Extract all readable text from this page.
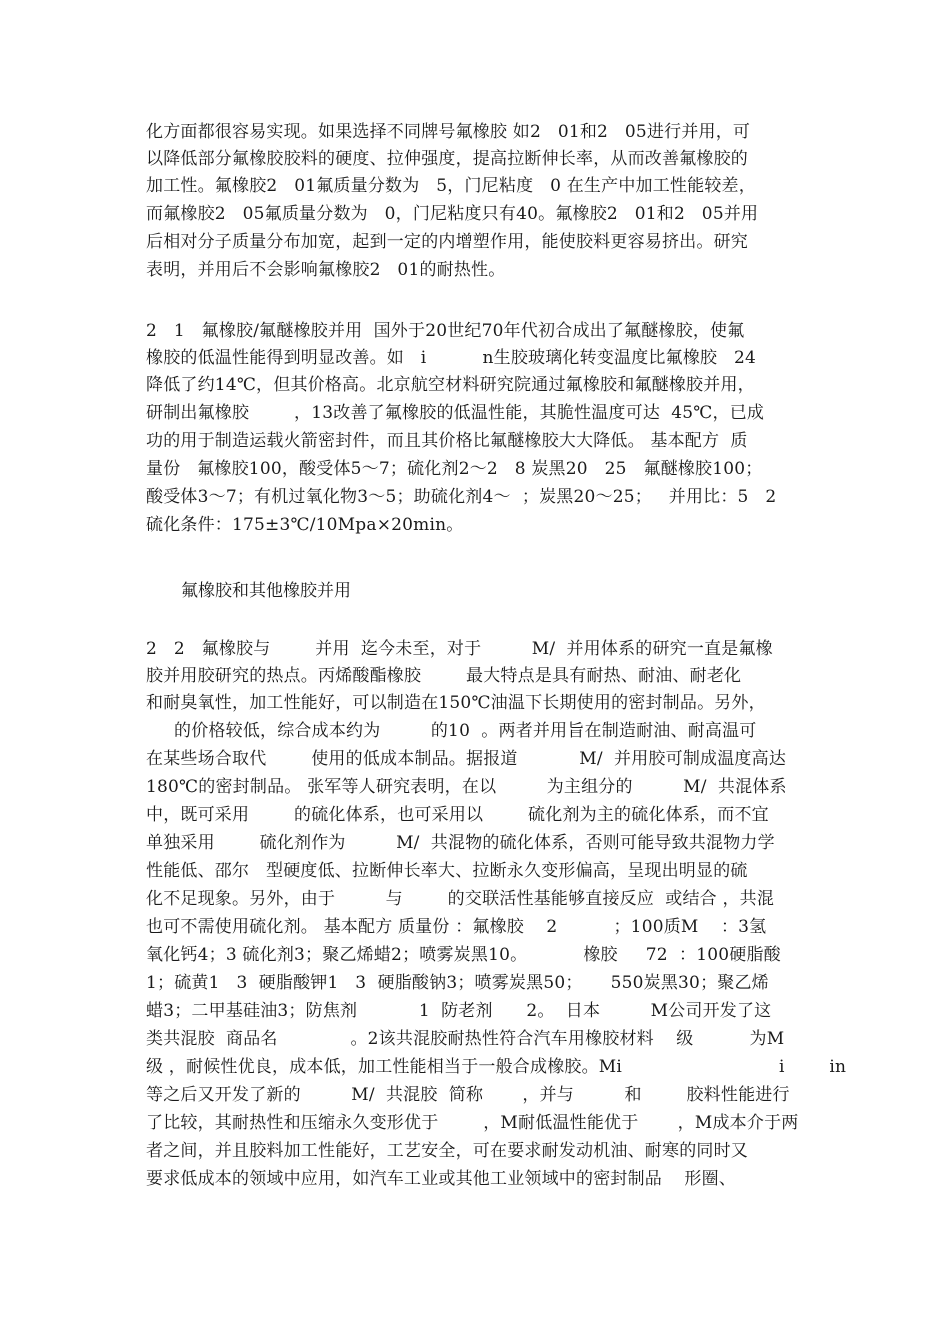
化方面都很容易实现。如果选择不同牌号氟橡胶 如2   01和2   05进行并用，可
以降低部分氟橡胶胶料的硬度、拉伸强度，提高拉断伸长率，从而改善氟橡胶的
加工性。氟橡胶2   01氟质量分数为   5，门尼粘度   0 在生产中加工性能较差，
而氟橡胶2   05氟质量分数为   0，门尼粘度只有40。氟橡胶2   01和2   05并用
后相对分子质量分布加宽，起到一定的内增塑作用，能使胶料更容易挤出。研究
表明，并用后不会影响氟橡胶2   01的耐热性。
2   1   氟橡胶/氟醚橡胶并用  国外于20世纪70年代初合成出了氟醚橡胶，使氟
橡胶的低温性能得到明显改善。如   i          n生胶玻璃化转变温度比氟橡胶   24
降低了约14℃，但其价格高。北京航空材料研究院通过氟橡胶和氟醚橡胶并用，
研制出氟橡胶        ，13改善了氟橡胶的低温性能，其脆性温度可达  45℃，已成
功的用于制造运载火箭密封件，而且其价格比氟醚橡胶大大降低。 基本配方  质
量份   氟橡胶100，酸受体5～7；硫化剂2～2   8 炭黑20   25   氟醚橡胶100；
酸受体3～7；有机过氧化物3～5；助硫化剂4～  ；炭黑20～25；   并用比：5   2
硫化条件：175±3℃/10Mpa×20min。
氟橡胶和其他橡胶并用
2   2   氟橡胶与        并用  迄今未至，对于         M/  并用体系的研究一直是氟橡
胶并用胶研究的热点。丙烯酸酯橡胶        最大特点是具有耐热、耐油、耐老化
和耐臭氧性，加工性能好，可以制造在150℃油温下长期使用的密封制品。另外，
的价格较低，综合成本约为         的10  。两者并用旨在制造耐油、耐高温可
在某些场合取代        使用的低成本制品。据报道           M/  并用胶可制成温度高达
180℃的密封制品。 张军等人研究表明，在以         为主组分的         M/  共混体系
中，既可采用        的硫化体系，也可采用以        硫化剂为主的硫化体系，而不宜
单独采用        硫化剂作为         M/  共混物的硫化体系，否则可能导致共混物力学
性能低、邵尔   型硬度低、拉断伸长率大、拉断永久变形偏高，呈现出明显的硫
化不足现象。另外，由于         与        的交联活性基能够直接反应  或结合 ，共混
也可不需使用硫化剂。 基本配方 质量份 ：氟橡胶    2          ；100质M    ：3氢
氧化钙4；3 硫化剂3；聚乙烯蜡2；喷雾炭黑10。          橡胶     72  ：100硬脂酸
1；硫黄1   3  硬脂酸钾1   3  硬脂酸钠3；喷雾炭黑50；     550炭黑30；聚乙烯
蜡3；二甲基硅油3；防焦剂           1  防老剂      2。  日本         M公司开发了这
类共混胶  商品名             。2该共混胶耐热性符合汽车用橡胶材料    级          为M
级 ，耐候性优良，成本低，加工性能相当于一般合成橡胶。Mi                            i        in
等之后又开发了新的         M/  共混胶  简称       ，并与         和        胶料性能进行
了比较，其耐热性和压缩永久变形优于        ，M耐低温性能优于       ，M成本介于两
者之间，并且胶料加工性能好，工艺安全，可在要求耐发动机油、耐寒的同时又
要求低成本的领域中应用，如汽车工业或其他工业领域中的密封制品    形圈、
